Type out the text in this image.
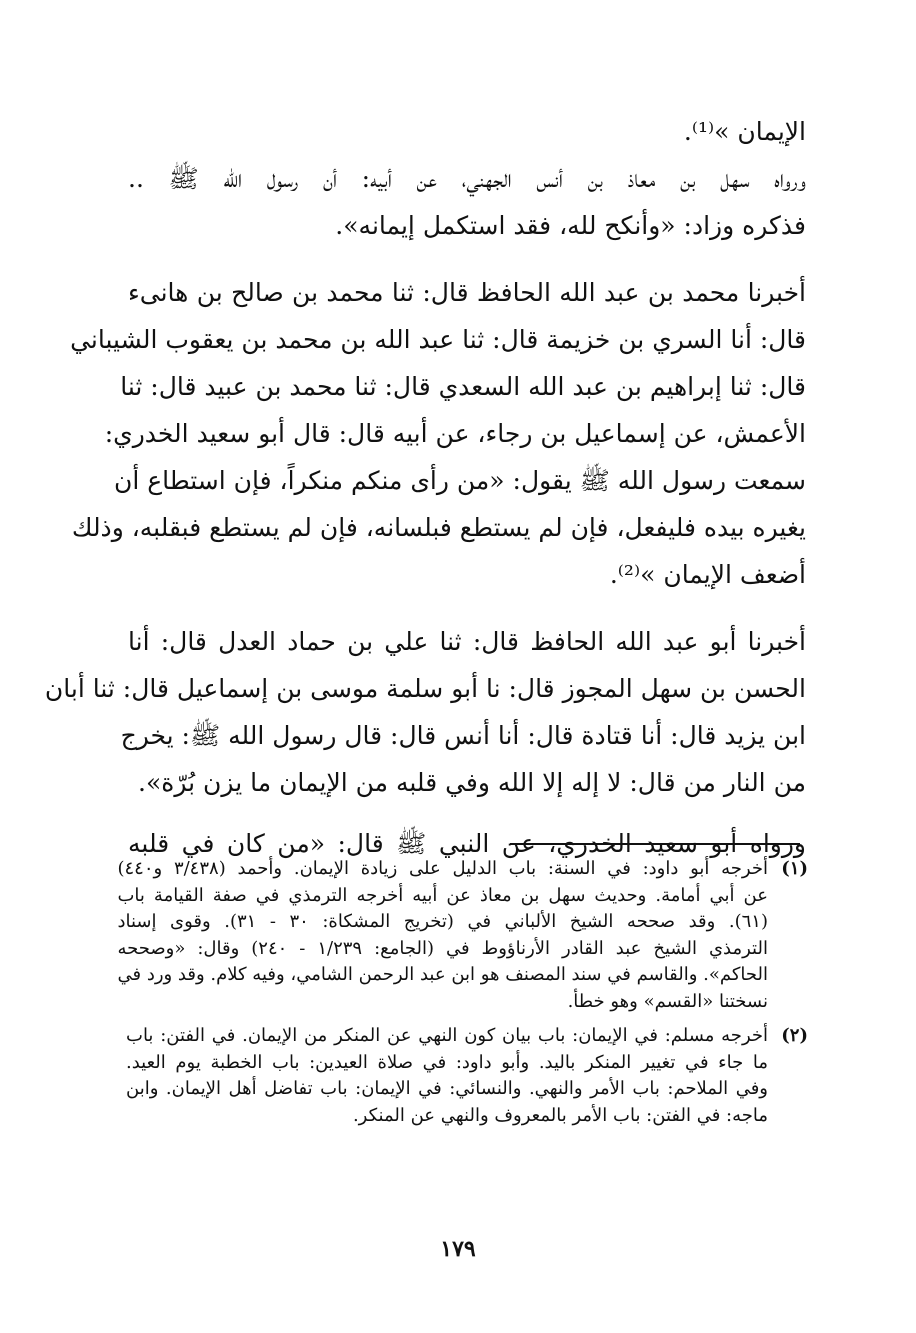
الإيمان »⁽¹⁾.
ورواه سهل بن معاذ بن أنس الجهني، عن أبيه: أن رسول الله ﷺ ..
فذكره وزاد: «وأنكح لله، فقد استكمل إيمانه».
أخبرنا محمد بن عبد الله الحافظ قال: ثنا محمد بن صالح بن هانىء
قال: أنا السري بن خزيمة قال: ثنا عبد الله بن محمد بن يعقوب الشيباني
قال: ثنا إبراهيم بن عبد الله السعدي قال: ثنا محمد بن عبيد قال: ثنا
الأعمش، عن إسماعيل بن رجاء، عن أبيه قال: قال أبو سعيد الخدري:
سمعت رسول الله ﷺ يقول: «من رأى منكم منكراً، فإن استطاع أن
يغيره بيده فليفعل، فإن لم يستطع فبلسانه، فإن لم يستطع فبقلبه، وذلك
أضعف الإيمان »⁽²⁾.
أخبرنا أبو عبد الله الحافظ قال: ثنا علي بن حماد العدل قال: أنا
الحسن بن سهل المجوز قال: نا أبو سلمة موسى بن إسماعيل قال: ثنا أبان
ابن يزيد قال: أنا قتادة قال: أنا أنس قال: قال رسول الله ﷺ: يخرج
من النار من قال: لا إله إلا الله وفي قلبه من الإيمان ما يزن بُرّة».
ورواه أبو سعيد الخدري، عن النبي ﷺ قال: «من كان في قلبه
(١)
أخرجه أبو داود: في السنة: باب الدليل على زيادة الإيمان. وأحمد (٣/٤٣٨ و٤٤٠)
عن أبي أمامة. وحديث سهل بن معاذ عن أبيه أخرجه الترمذي في صفة القيامة باب
(٦١). وقد صححه الشيخ الألباني في (تخريج المشكاة: ٣٠ - ٣١). وقوى إسناد
الترمذي الشيخ عبد القادر الأرناؤوط في (الجامع: ١/٢٣٩ - ٢٤٠) وقال: «وصححه
الحاكم». والقاسم في سند المصنف هو ابن عبد الرحمن الشامي، وفيه كلام. وقد ورد في
نسختنا «القسم» وهو خطأ.
(٢)
أخرجه مسلم: في الإيمان: باب بيان كون النهي عن المنكر من الإيمان. في الفتن: باب
ما جاء في تغيير المنكر باليد. وأبو داود: في صلاة العيدين: باب الخطبة يوم العيد.
وفي الملاحم: باب الأمر والنهي. والنسائي: في الإيمان: باب تفاضل أهل الإيمان. وابن
ماجه: في الفتن: باب الأمر بالمعروف والنهي عن المنكر.
١٧٩
